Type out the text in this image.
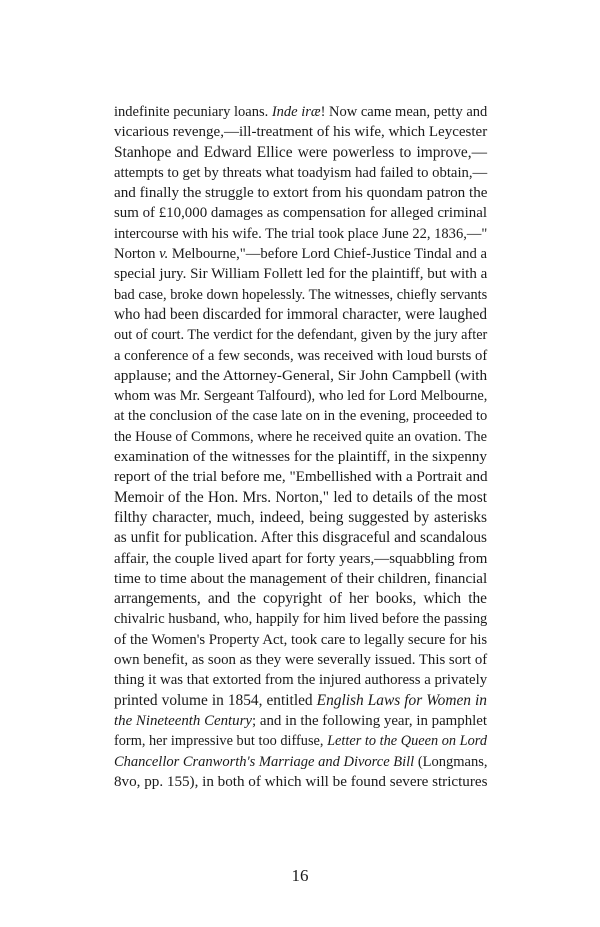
indefinite pecuniary loans. Inde iræ! Now came mean, petty and
vicarious revenge,—ill-treatment of his wife, which Leycester
Stanhope and Edward Ellice were powerless to improve,—
attempts to get by threats what toadyism had failed to obtain,—
and finally the struggle to extort from his quondam patron the
sum of £10,000 damages as compensation for alleged criminal
intercourse with his wife. The trial took place June 22, 1836,—"
Norton v. Melbourne,"—before Lord Chief-Justice Tindal and a
special jury. Sir William Follett led for the plaintiff, but with a
bad case, broke down hopelessly. The witnesses, chiefly servants
who had been discarded for immoral character, were laughed
out of court. The verdict for the defendant, given by the jury after
a conference of a few seconds, was received with loud bursts of
applause; and the Attorney-General, Sir John Campbell (with
whom was Mr. Sergeant Talfourd), who led for Lord Melbourne,
at the conclusion of the case late on in the evening, proceeded to
the House of Commons, where he received quite an ovation. The
examination of the witnesses for the plaintiff, in the sixpenny
report of the trial before me, "Embellished with a Portrait and
Memoir of the Hon. Mrs. Norton," led to details of the most
filthy character, much, indeed, being suggested by asterisks
as unfit for publication. After this disgraceful and scandalous
affair, the couple lived apart for forty years,—squabbling from
time to time about the management of their children, financial
arrangements, and the copyright of her books, which the
chivalric husband, who, happily for him lived before the passing
of the Women's Property Act, took care to legally secure for his
own benefit, as soon as they were severally issued. This sort of
thing it was that extorted from the injured authoress a privately
printed volume in 1854, entitled English Laws for Women in
the Nineteenth Century; and in the following year, in pamphlet
form, her impressive but too diffuse, Letter to the Queen on Lord
Chancellor Cranworth's Marriage and Divorce Bill (Longmans,
8vo, pp. 155), in both of which will be found severe strictures
16
